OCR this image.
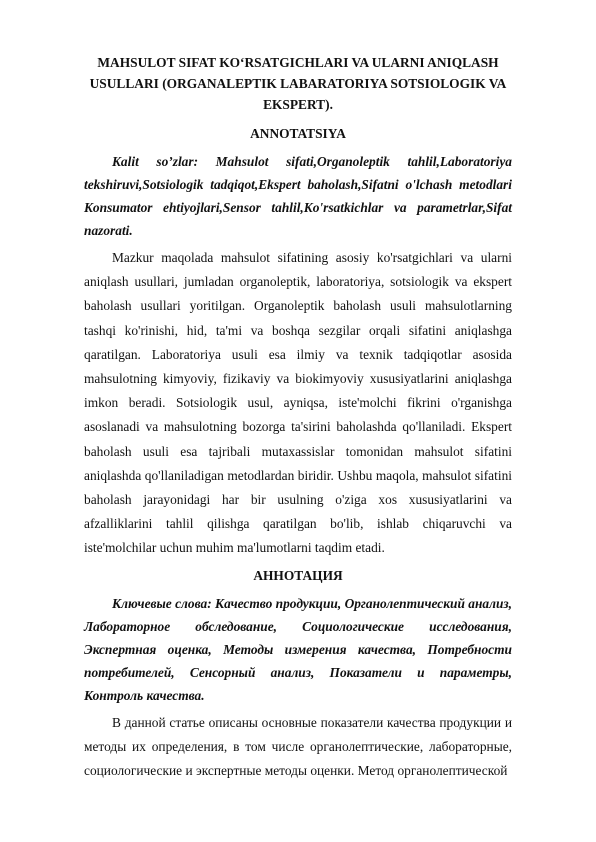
MAHSULOT SIFAT KO‘RSATGICHLARI VA ULARNI ANIQLASH USULLARI (ORGANALEPTIK LABARATORIYA SOTSIOLOGIK VA EKSPERT).

ANNOTATSIYA

Kalit so’zlar: Mahsulot sifati,Organoleptik tahlil,Laboratoriya tekshiruvi,Sotsiologik tadqiqot,Ekspert baholash,Sifatni o'lchash metodlari Konsumator ehtiyojlari,Sensor tahlil,Ko'rsatkichlar va parametrlar,Sifat nazorati.

Mazkur maqolada mahsulot sifatining asosiy ko'rsatgichlari va ularni aniqlash usullari, jumladan organoleptik, laboratoriya, sotsiologik va ekspert baholash usullari yoritilgan. Organoleptik baholash usuli mahsulotlarning tashqi ko'rinishi, hid, ta'mi va boshqa sezgilar orqali sifatini aniqlashga qaratilgan. Laboratoriya usuli esa ilmiy va texnik tadqiqotlar asosida mahsulotning kimyoviy, fizikaviy va biokimyoviy xususiyatlarini aniqlashga imkon beradi. Sotsiologik usul, ayniqsa, iste'molchi fikrini o'rganishga asoslanadi va mahsulotning bozorga ta'sirini baholashda qo'llaniladi. Ekspert baholash usuli esa tajribali mutaxassislar tomonidan mahsulot sifatini aniqlashda qo'llaniladigan metodlardan biridir. Ushbu maqola, mahsulot sifatini baholash jarayonidagi har bir usulning o'ziga xos xususiyatlarini va afzalliklarini tahlil qilishga qaratilgan bo'lib, ishlab chiqaruvchi va iste'molchilar uchun muhim ma'lumotlarni taqdim etadi.

АННОТАЦИЯ

Ключевые слова: Качество продукции, Органолептический анализ, Лабораторное обследование, Социологические исследования, Экспертная оценка, Методы измерения качества, Потребности потребителей, Сенсорный анализ, Показатели и параметры, Контроль качества.

В данной статье описаны основные показатели качества продукции и методы их определения, в том числе органолептические, лабораторные, социологические и экспертные методы оценки. Метод органолептической
